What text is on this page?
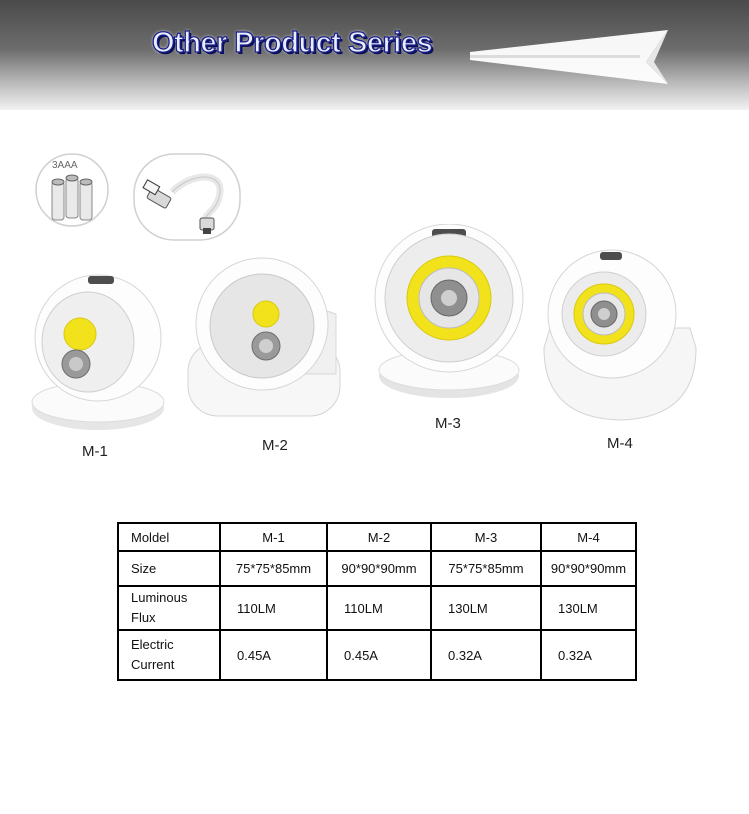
Other Product Series
3AAA
M-1	M-2
M-3
M-4
Moldel	M-1	M-2	M-3	M-4
Size	75*75*85mm	90*90*90mm	75*75*85mm	90*90*90mm
Luminous
Flux	110LM	110LM	130LM	130LM
Electric
Current	0.45A	0.45A	0.32A	0.32A
